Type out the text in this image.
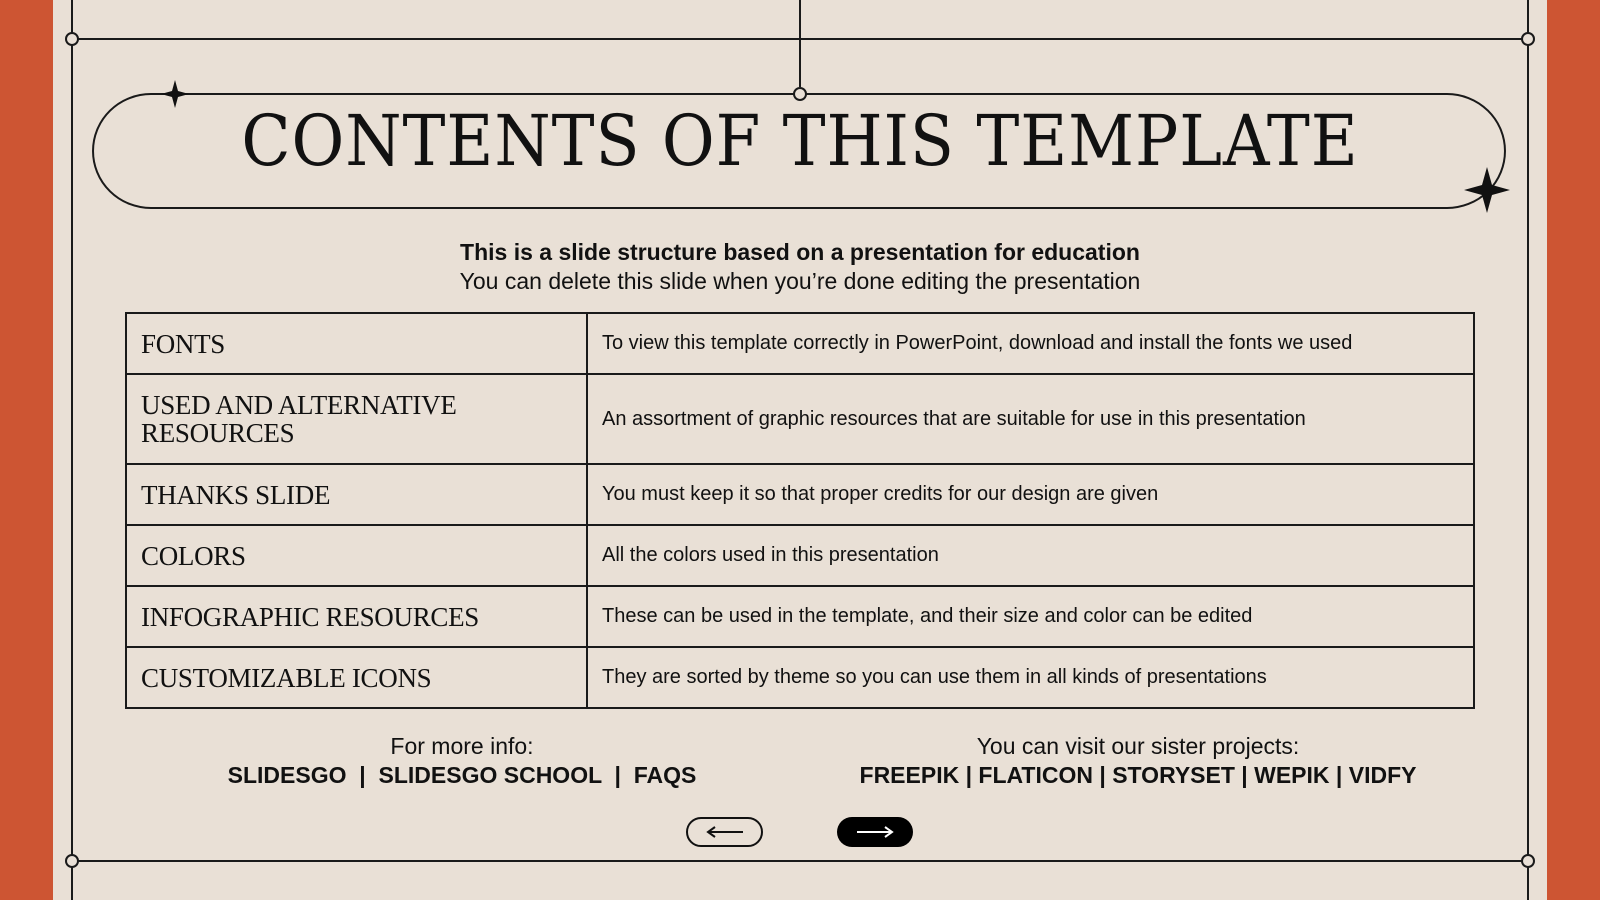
CONTENTS OF THIS TEMPLATE
This is a slide structure based on a presentation for education
You can delete this slide when you’re done editing the presentation
FONTS	To view this template correctly in PowerPoint, download and install the fonts we used
USED AND ALTERNATIVE RESOURCES	An assortment of graphic resources that are suitable for use in this presentation
THANKS SLIDE	You must keep it so that proper credits for our design are given
COLORS	All the colors used in this presentation
INFOGRAPHIC RESOURCES	These can be used in the template, and their size and color can be edited
CUSTOMIZABLE ICONS	They are sorted by theme so you can use them in all kinds of presentations
For more info:
SLIDESGO  |  SLIDESGO SCHOOL  |  FAQS
You can visit our sister projects:
FREEPIK | FLATICON | STORYSET | WEPIK | VIDFY
